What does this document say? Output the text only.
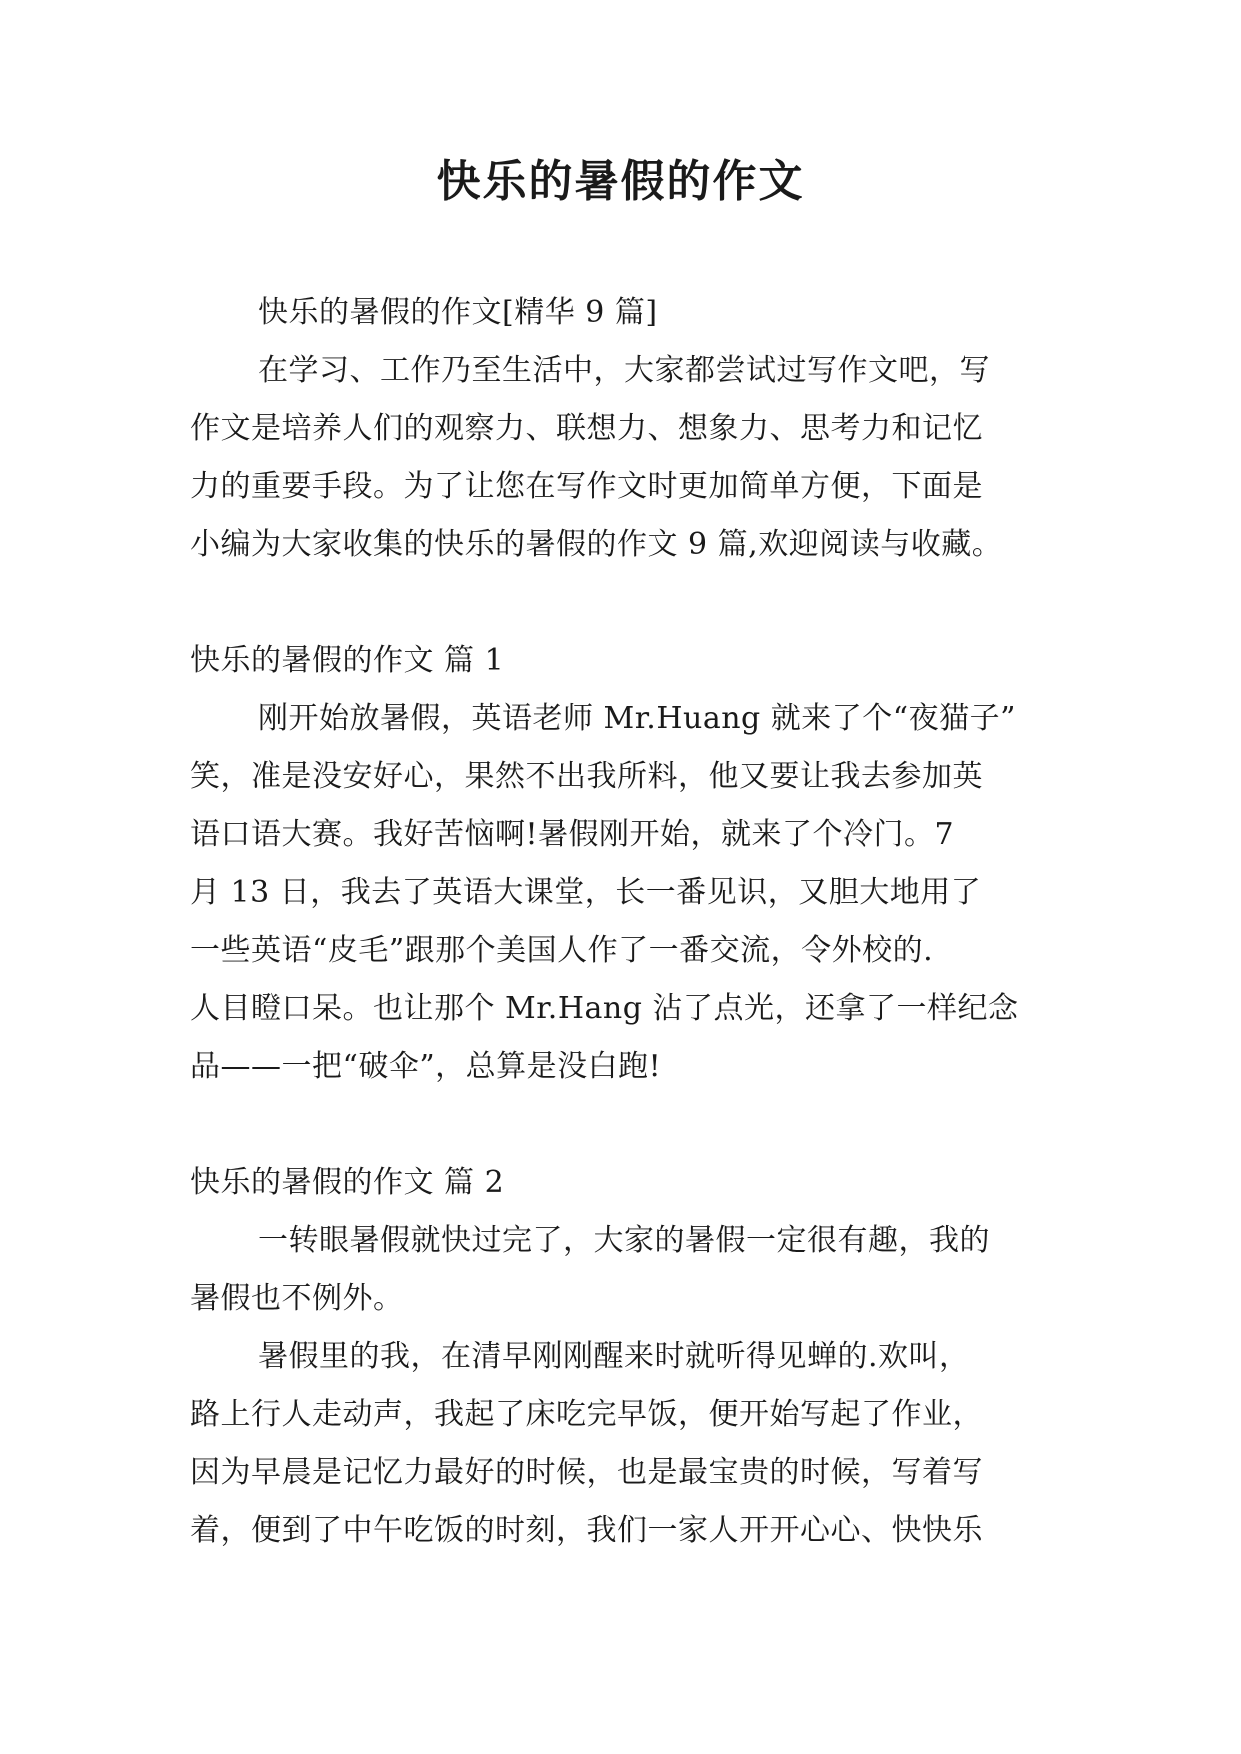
快乐的暑假的作文
快乐的暑假的作文[精华 9 篇]
在学习、工作乃至生活中，大家都尝试过写作文吧，写
作文是培养人们的观察力、联想力、想象力、思考力和记忆
力的重要手段。为了让您在写作文时更加简单方便，下面是
小编为大家收集的快乐的暑假的作文 9 篇,欢迎阅读与收藏。
快乐的暑假的作文 篇 1
刚开始放暑假，英语老师 Mr.Huang 就来了个“夜猫子”
笑，准是没安好心，果然不出我所料，他又要让我去参加英
语口语大赛。我好苦恼啊!暑假刚开始，就来了个冷门。7
月 13 日，我去了英语大课堂，长一番见识，又胆大地用了
一些英语“皮毛”跟那个美国人作了一番交流，令外校的.
人目瞪口呆。也让那个 Mr.Hang 沾了点光，还拿了一样纪念
品——一把“破伞”，总算是没白跑!
快乐的暑假的作文 篇 2
一转眼暑假就快过完了，大家的暑假一定很有趣，我的
暑假也不例外。
暑假里的我，在清早刚刚醒来时就听得见蝉的.欢叫，
路上行人走动声，我起了床吃完早饭，便开始写起了作业，
因为早晨是记忆力最好的时候，也是最宝贵的时候，写着写
着，便到了中午吃饭的时刻，我们一家人开开心心、快快乐
